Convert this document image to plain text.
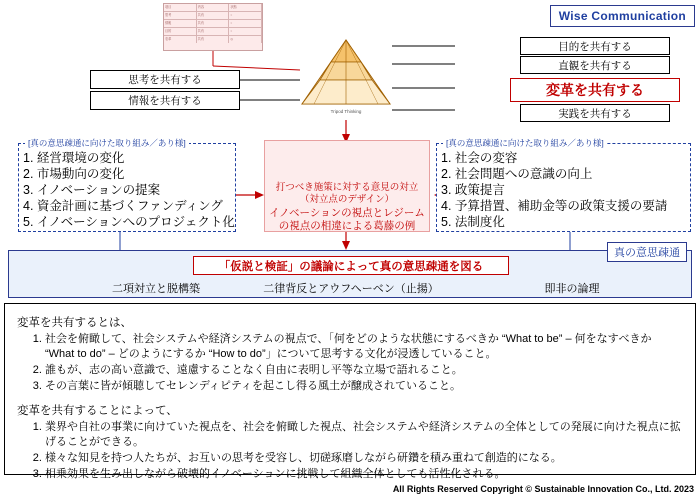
項目	内容	状態
思考	共有	○
情報	共有	○
目的	共有	○
変革	共有	◎
Wise Communication
思考を共有する
情報を共有する
目的を共有する
直観を共有する
変革を共有する
実践を共有する
Tripod Thinking
[真の意思疎通に向けた取り組み／あり様]
1. 経営環境の変化
2. 市場動向の変化
3. イノベーションの提案
4. 資金計画に基づくファンディング
5. イノベーションへのプロジェクト化
[真の意思疎通に向けた取り組み／あり様]
1. 社会の変容
2. 社会問題への意識の向上
3. 政策提言
4. 予算措置、補助金等の政策支援の要請
5. 法制度化
打つべき施策に対する意見の対立
（対立点のデザイン）
イノベーションの視点とレジーム
の視点の相違による葛藤の例
真の意思疎通
「仮説と検証」の議論によって真の意思疎通を図る
二項対立と脱構築	二律背反とアウフヘーベン（止揚）	即非の論理

変革を共有するとは、

1. 社会を俯瞰して、社会システムや経済システムの視点で、「何をどのような状態にするべきか “What to be” – 何をなすべきか “What to do” – どのようにするか “How to do”」について思考する文化が浸透していること。
2. 誰もが、志の高い意識で、遠慮することなく自由に表明し平等な立場で語れること。
3. その言葉に皆が傾聴してセレンディピティを起こし得る風土が醸成されていること。

変革を共有することによって、

1. 業界や自社の事業に向けていた視点を、社会を俯瞰した視点、社会システムや経済システムの全体としての発展に向けた視点に拡げることができる。
2. 様々な知見を持つ人たちが、お互いの思考を受容し、切磋琢磨しながら研鑽を積み重ねて創造的になる。
3. 相乗効果を生み出しながら破壊的イノベーションに挑戦して組織全体としても活性化される。
All Rights Reserved Copyright © Sustainable Innovation Co., Ltd. 2023
